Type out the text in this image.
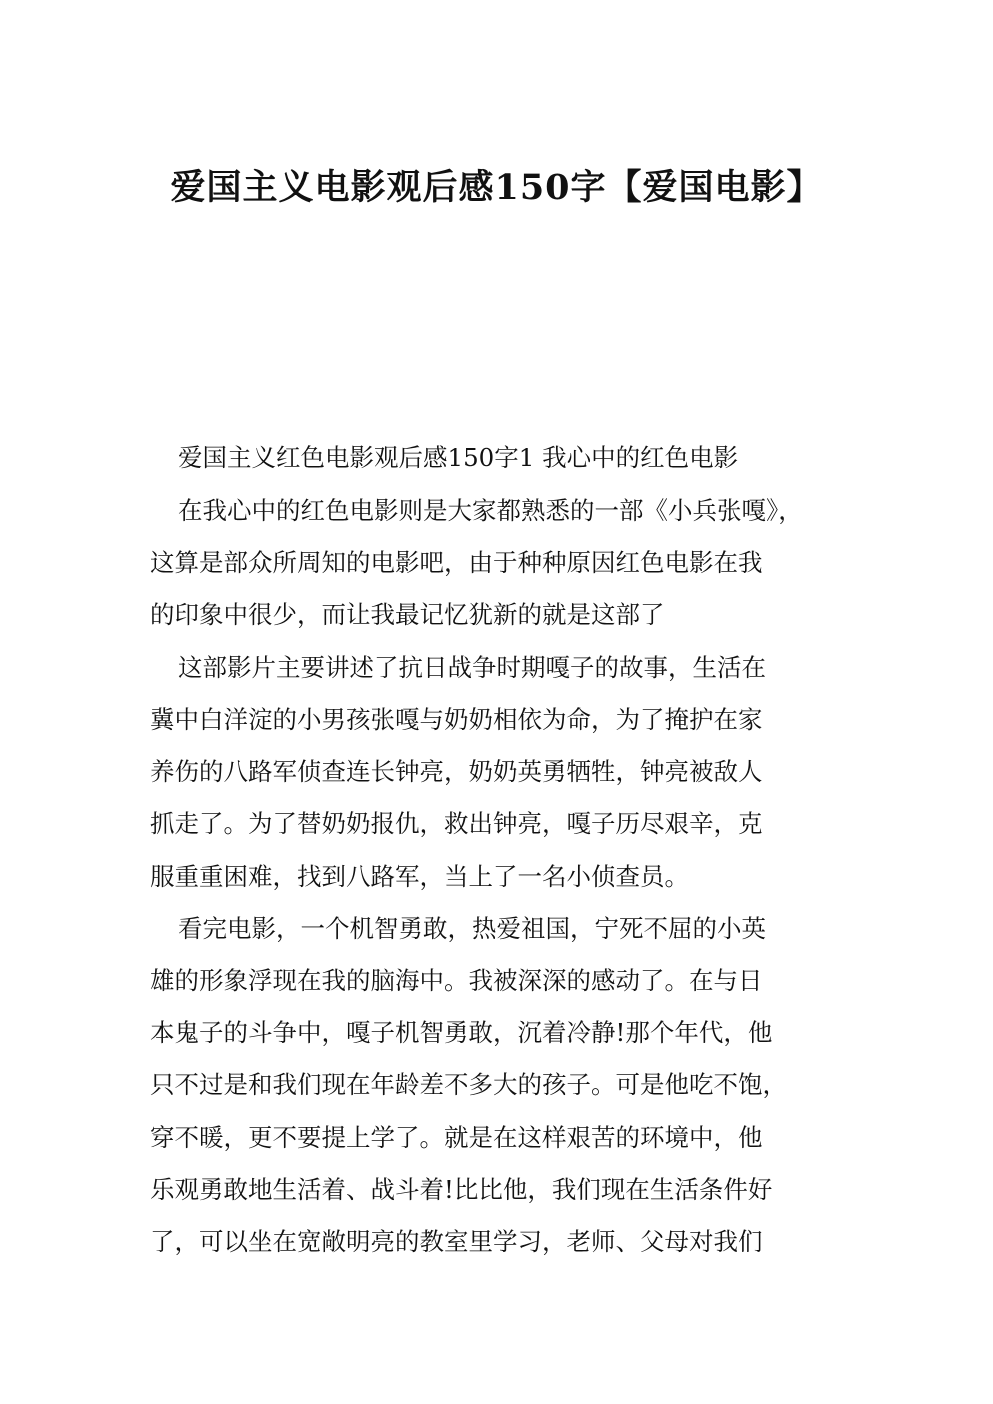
爱国主义电影观后感150字【爱国电影】
爱国主义红色电影观后感150字1 我心中的红色电影
在我心中的红色电影则是大家都熟悉的一部《小兵张嘎》，
这算是部众所周知的电影吧，由于种种原因红色电影在我
的印象中很少，而让我最记忆犹新的就是这部了
这部影片主要讲述了抗日战争时期嘎子的故事，生活在
冀中白洋淀的小男孩张嘎与奶奶相依为命，为了掩护在家
养伤的八路军侦查连长钟亮，奶奶英勇牺牲，钟亮被敌人
抓走了。为了替奶奶报仇，救出钟亮，嘎子历尽艰辛，克
服重重困难，找到八路军，当上了一名小侦查员。
看完电影，一个机智勇敢，热爱祖国，宁死不屈的小英
雄的形象浮现在我的脑海中。我被深深的感动了。在与日
本鬼子的斗争中，嘎子机智勇敢，沉着冷静!那个年代，他
只不过是和我们现在年龄差不多大的孩子。可是他吃不饱，
穿不暖，更不要提上学了。就是在这样艰苦的环境中，他
乐观勇敢地生活着、战斗着!比比他，我们现在生活条件好
了，可以坐在宽敞明亮的教室里学习，老师、父母对我们
